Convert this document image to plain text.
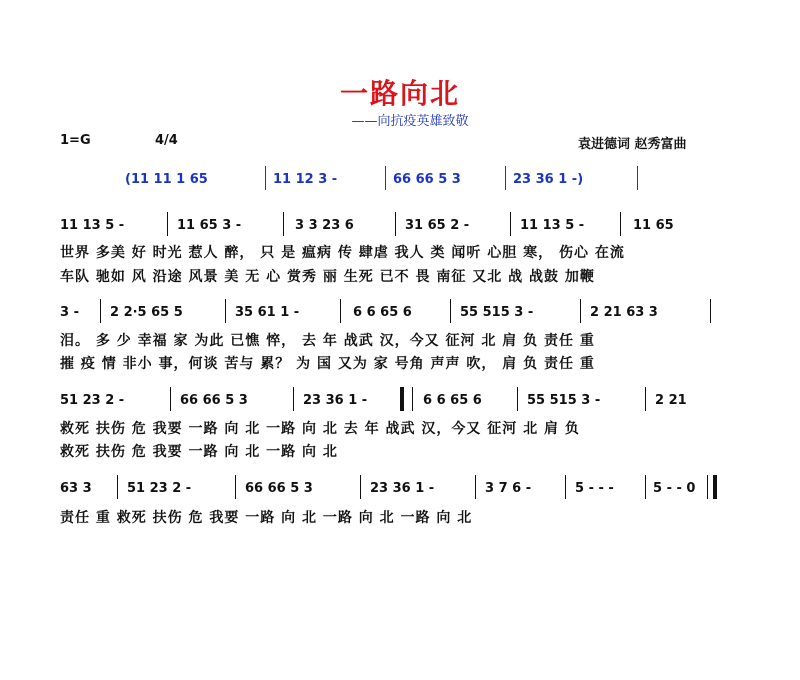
一路向北
——向抗疫英雄致敬
1=G	4/4	袁进德词 赵秀富曲
(11 11 1 65	11 12 3 -	66 66 5 3	23 36 1 -)
11 13 5 -	11 65 3 -	3 3 23 6	31 65 2 -	11 13 5 -	11 65
世界 多美 好 时光 惹人 醉， 只 是 瘟病 传 肆虐 我人 类 闻听 心胆 寒， 伤心 在流
车队 驰如 风 沿途 风景 美 无 心 赏秀 丽 生死 已不 畏 南征 又北 战 战鼓 加鞭
3 - 2 2·5 65 5	35 61 1 -	6 6 65 6	55 515 3 -	2 21 63 3
泪。 多 少 幸福 家 为此 已憔 悴， 去 年 战武 汉，今又 征河 北 肩 负 责任 重
摧 疫 情 非小 事，何谈 苦与 累？ 为 国 又为 家 号角 声声 吹， 肩 负 责任 重
51 23 2 -	66 66 5 3	23 36 1 -	6 6 65 6	55 515 3 -	2 21
救死 扶伤 危 我要 一路 向 北 一路 向 北 去 年 战武 汉，今又 征河 北 肩 负
救死 扶伤 危 我要 一路 向 北 一路 向 北
63 3	51 23 2 -	66 66 5 3	23 36 1 -	3 7 6 -	5 - - -	5 - - 0
责任 重 救死 扶伤 危 我要 一路 向 北 一路 向 北 一路 向 北
